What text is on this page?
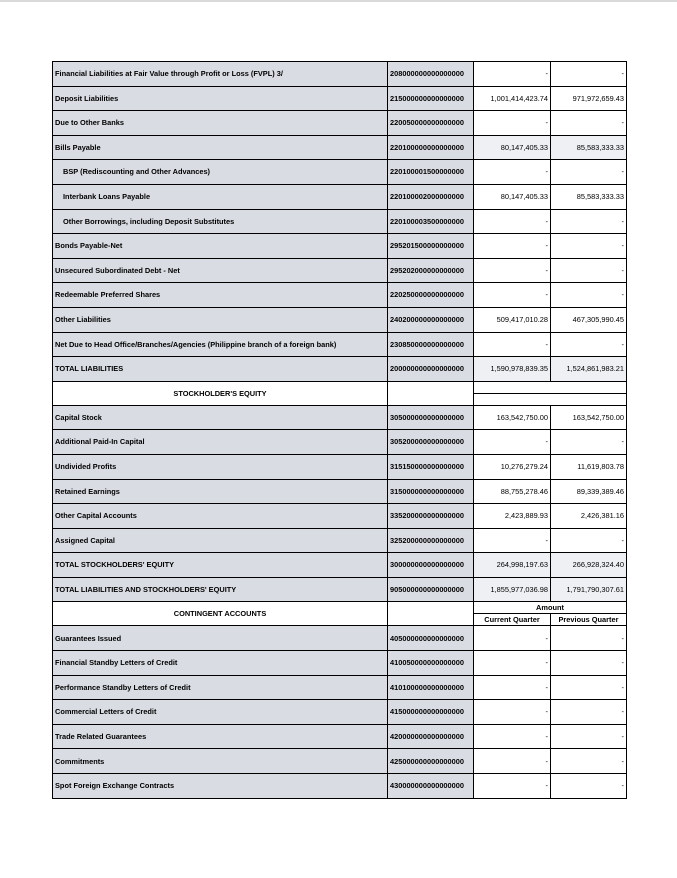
Financial Liabilities at Fair Value through Profit or Loss (FVPL) 3/	208000000000000000	-	-
Deposit Liabilities	215000000000000000	1,001,414,423.74	971,972,659.43
Due to Other Banks	220050000000000000	-	-
Bills Payable	220100000000000000	80,147,405.33	85,583,333.33
BSP (Rediscounting and Other Advances)	220100001500000000	-	-
Interbank Loans Payable	220100002000000000	80,147,405.33	85,583,333.33
Other Borrowings, including Deposit Substitutes	220100003500000000	-	-
Bonds Payable-Net	295201500000000000	-	-
Unsecured Subordinated Debt - Net	295202000000000000	-	-
Redeemable Preferred Shares	220250000000000000	-	-
Other Liabilities	240200000000000000	509,417,010.28	467,305,990.45
Net Due to Head Office/Branches/Agencies (Philippine branch of a foreign bank)	230850000000000000	-	-
TOTAL LIABILITIES	200000000000000000	1,590,978,839.35	1,524,861,983.21
STOCKHOLDER'S EQUITY			

Capital Stock	305000000000000000	163,542,750.00	163,542,750.00
Additional Paid-In Capital	305200000000000000	-	-
Undivided Profits	315150000000000000	10,276,279.24	11,619,803.78
Retained Earnings	315000000000000000	88,755,278.46	89,339,389.46
Other Capital Accounts	335200000000000000	2,423,889.93	2,426,381.16
Assigned Capital	325200000000000000	-	-
TOTAL STOCKHOLDERS' EQUITY	300000000000000000	264,998,197.63	266,928,324.40
TOTAL LIABILITIES AND STOCKHOLDERS' EQUITY	905000000000000000	1,855,977,036.98	1,791,790,307.61
CONTINGENT ACCOUNTS		Amount	
		Current Quarter	Previous Quarter
Guarantees Issued	405000000000000000	-	-
Financial Standby Letters of Credit	410050000000000000	-	-
Performance Standby Letters of Credit	410100000000000000	-	-
Commercial Letters of Credit	415000000000000000	-	-
Trade Related Guarantees	420000000000000000	-	-
Commitments	425000000000000000	-	-
Spot Foreign Exchange Contracts	430000000000000000	-	-
